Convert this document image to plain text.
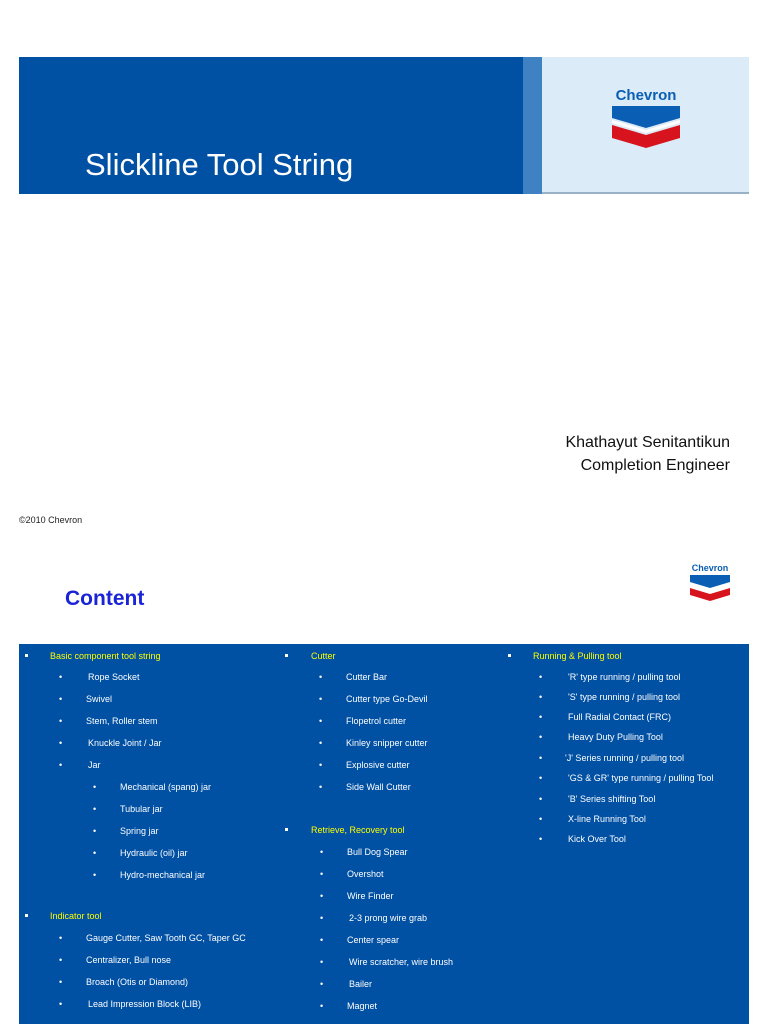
Chevron
Slickline Tool String
Khathayut Senitantikun
Completion Engineer
©2010 Chevron
Content
Chevron
Basic component tool string
•	Rope Socket
•	Swivel
•	Stem, Roller stem
•	Knuckle Joint / Jar
•	Jar
•	Mechanical (spang) jar
•	Tubular jar
•	Spring jar
•	Hydraulic (oil) jar
•	Hydro-mechanical jar
Indicator tool
•	Gauge Cutter, Saw Tooth GC, Taper GC
•	Centralizer, Bull nose
•	Broach (Otis or Diamond)
•	Lead Impression Block (LIB)
Cutter
•	Cutter Bar
•	Cutter type Go-Devil
•	Flopetrol cutter
•	Kinley snipper cutter
•	Explosive cutter
•	Side Wall Cutter
Retrieve, Recovery tool
•	Bull Dog Spear
•	Overshot
•	Wire Finder
•	2-3 prong wire grab
•	Center spear
•	Wire scratcher, wire brush
•	Bailer
•	Magnet
Running & Pulling tool
•	'R' type running / pulling tool
•	'S' type running / pulling tool
•	Full Radial Contact (FRC)
•	Heavy Duty Pulling Tool
•	'J' Series running / pulling tool
•	'GS & GR' type running / pulling Tool
•	'B' Series shifting Tool
•	X-line Running Tool
•	Kick Over Tool
